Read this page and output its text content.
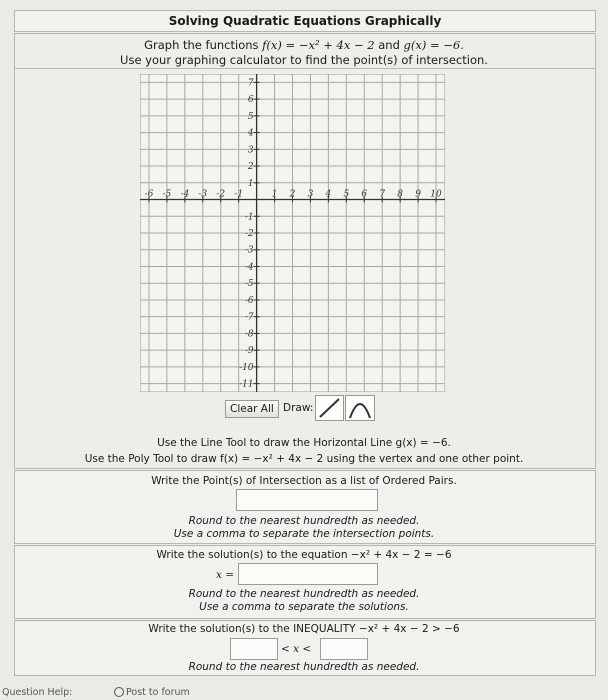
Solving Quadratic Equations Graphically
Graph the functions f(x) = −x² + 4x − 2 and g(x) = −6.
Use your graphing calculator to find the point(s) of intersection.
-6 -5 -4 -3 -2 -1	1 2 3 4 5 6 7 8 9 10
7
6
5
4
3
2
1
-1
-2
-3
-4
-5
-6
-7
-8
-9
-10
-11
Clear All Draw:
Use the Line Tool to draw the Horizontal Line g(x) = −6.
Use the Poly Tool to draw f(x) = −x² + 4x − 2 using the vertex and one other point.
Write the Point(s) of Intersection as a list of Ordered Pairs.
Round to the nearest hundredth as needed.
Use a comma to separate the intersection points.
Write the solution(s) to the equation −x² + 4x − 2 = −6
x =
Round to the nearest hundredth as needed.
Use a comma to separate the solutions.
Write the solution(s) to the INEQUALITY −x² + 4x − 2 > −6
< x <
Round to the nearest hundredth as needed.
Question Help:	Post to forum
